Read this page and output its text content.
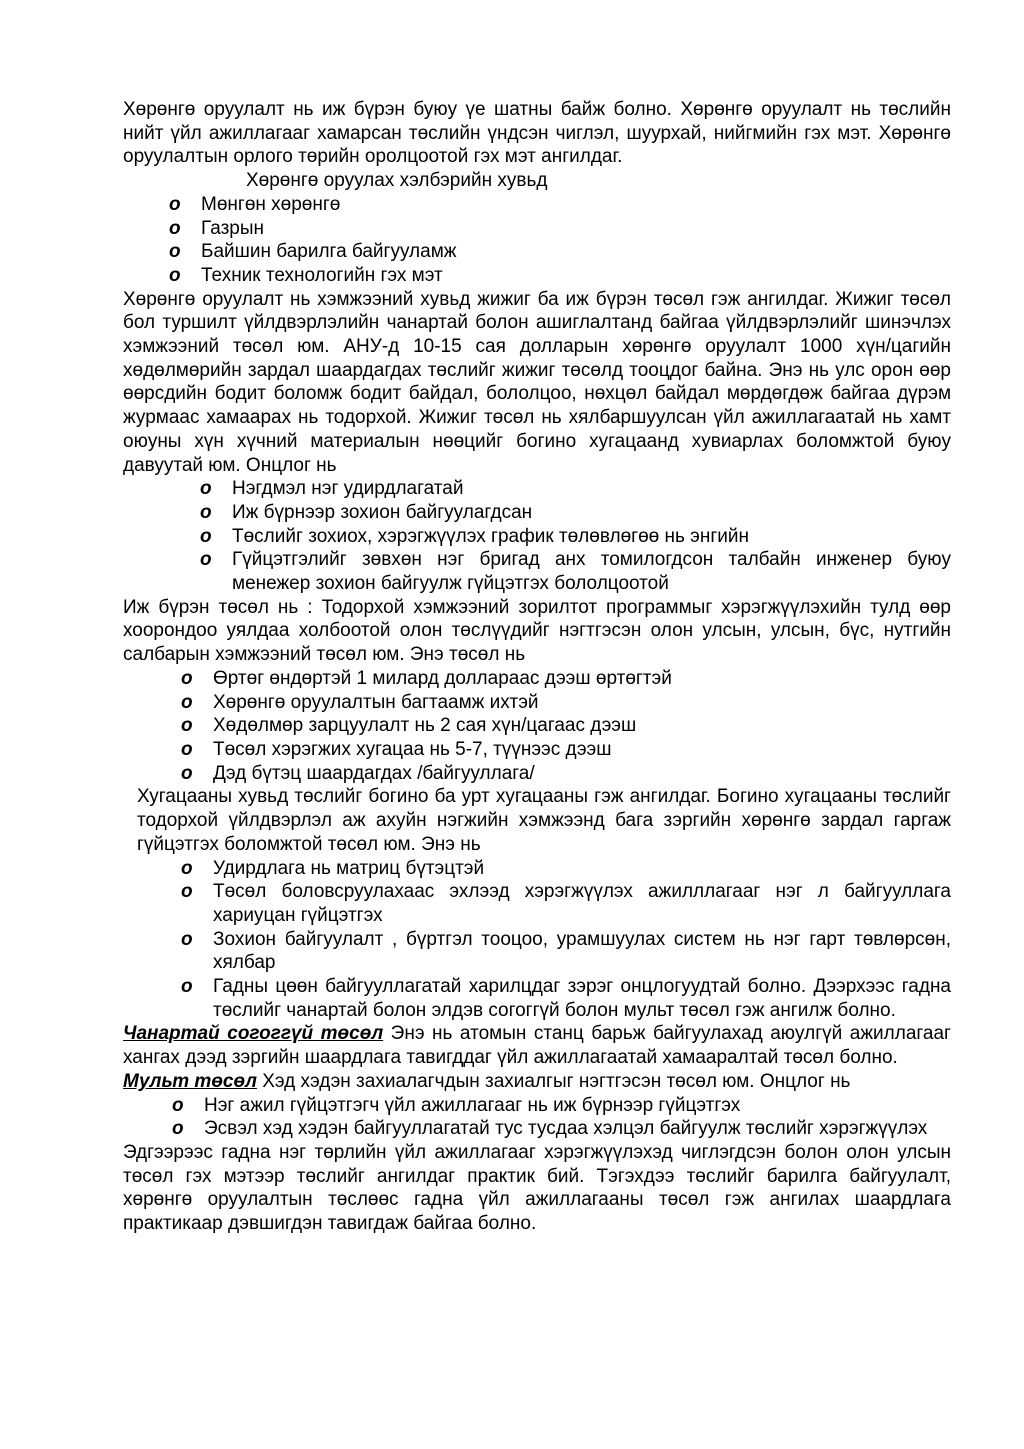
Хөрөнгө оруулалт нь иж бүрэн буюу үе шатны байж болно. Хөрөнгө оруулалт нь төслийн нийт үйл ажиллагааг хамарсан төслийн үндсэн чиглэл, шуурхай, нийгмийн гэх мэт. Хөрөнгө оруулалтын орлого төрийн оролцоотой гэх мэт ангилдаг.

Хөрөнгө оруулах хэлбэрийн хувьд

o Мөнгөн хөрөнгө
o Газрын
o Байшин барилга байгууламж
o Техник технологийн гэх мэт

Хөрөнгө оруулалт нь хэмжээний хувьд жижиг ба иж бүрэн төсөл гэж ангилдаг. Жижиг төсөл бол туршилт үйлдвэрлэлийн чанартай болон ашиглалтанд байгаа үйлдвэрлэлийг шинэчлэх хэмжээний төсөл юм. АНУ-д 10-15 сая долларын хөрөнгө оруулалт 1000 хүн/цагийн хөдөлмөрийн зардал шаардагдах төслийг жижиг төсөлд тооцдог байна. Энэ нь улс орон өөр өөрсдийн бодит боломж бодит байдал, бололцоо, нөхцөл байдал мөрдөгдөж байгаа дүрэм журмаас хамаарах нь тодорхой. Жижиг төсөл нь хялбаршуулсан үйл ажиллагаатай нь хамт оюуны хүн хүчний материалын нөөцийг богино хугацаанд хувиарлах боломжтой буюу давуутай юм. Онцлог нь

o Нэгдмэл нэг удирдлагатай
o Иж бүрнээр зохион байгуулагдсан
o Төслийг зохиох, хэрэгжүүлэх график төлөвлөгөө нь энгийн
o Гүйцэтгэлийг зөвхөн нэг бригад анх томилогдсон талбайн инженер буюу менежер зохион байгуулж гүйцэтгэх бололцоотой

Иж бүрэн төсөл нь : Тодорхой хэмжээний зорилтот программыг хэрэгжүүлэхийн тулд өөр хоорондоо уялдаа холбоотой олон төслүүдийг нэгтгэсэн олон улсын, улсын, бүс, нутгийн салбарын хэмжээний төсөл юм. Энэ төсөл нь

o Өртөг өндөртэй 1 милард доллараас дээш өртөгтэй
o Хөрөнгө оруулалтын багтаамж ихтэй
o Хөдөлмөр зарцуулалт нь 2 сая хүн/цагаас дээш
o Төсөл хэрэгжих хугацаа нь 5-7, түүнээс дээш
o Дэд бүтэц шаардагдах /байгууллага/

Хугацааны хувьд төслийг богино ба урт хугацааны гэж ангилдаг. Богино хугацааны төслийг тодорхой үйлдвэрлэл аж ахуйн нэгжийн хэмжээнд бага зэргийн хөрөнгө зардал гаргаж гүйцэтгэх боломжтой төсөл юм. Энэ нь

o Удирдлага нь матриц бүтэцтэй
o Төсөл боловсруулахаас эхлээд хэрэгжүүлэх ажилллагааг нэг л байгууллага хариуцан гүйцэтгэх
o Зохион байгуулалт , бүртгэл тооцоо, урамшуулах систем нь нэг гарт төвлөрсөн, хялбар
o Гадны цөөн байгууллагатай харилцдаг зэрэг онцлогуудтай болно. Дээрхээс гадна төслийг чанартай болон элдэв согоггүй болон мульт төсөл гэж ангилж болно.

Чанартай согоггүй төсөл Энэ нь атомын станц барьж байгуулахад аюулгүй ажиллагааг хангах дээд зэргийн шаардлага тавигддаг үйл ажиллагаатай хамааралтай төсөл болно.

Мульт төсөл Хэд хэдэн захиалагчдын захиалгыг нэгтгэсэн төсөл юм. Онцлог нь

o Нэг ажил гүйцэтгэгч үйл ажиллагааг нь иж бүрнээр гүйцэтгэх
o Эсвэл хэд хэдэн байгууллагатай тус тусдаа хэлцэл байгуулж төслийг хэрэгжүүлэх

Эдгээрээс гадна нэг төрлийн үйл ажиллагааг хэрэгжүүлэхэд чиглэгдсэн болон олон улсын төсөл гэх мэтээр төслийг ангилдаг практик бий. Тэгэхдээ төслийг барилга байгуулалт, хөрөнгө оруулалтын төслөөс гадна үйл ажиллагааны төсөл гэж ангилах шаардлага практикаар дэвшигдэн тавигдаж байгаа болно.
